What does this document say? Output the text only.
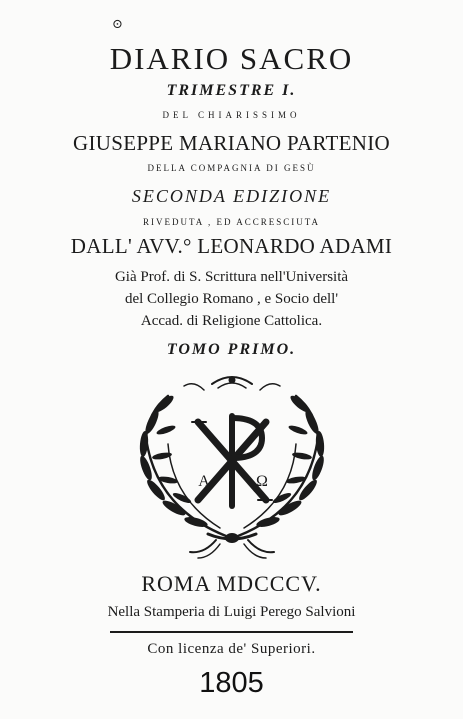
⊙
DIARIO SACRO
TRIMESTRE I.
DEL CHIARISSIMO
GIUSEPPE MARIANO PARTENIO
DELLA COMPAGNIA DI GESÙ
SECONDA EDIZIONE
RIVEDUTA , ED ACCRESCIUTA
DALL' AVV.° LEONARDO ADAMI
Già Prof. di S. Scrittura nell'Università
del Collegio Romano , e Socio dell'
Accad. di Religione Cattolica.
TOMO PRIMO.
A	Ω
ROMA MDCCCV.
Nella Stamperia di Luigi Perego Salvioni
Con licenza de' Superiori.
1805
